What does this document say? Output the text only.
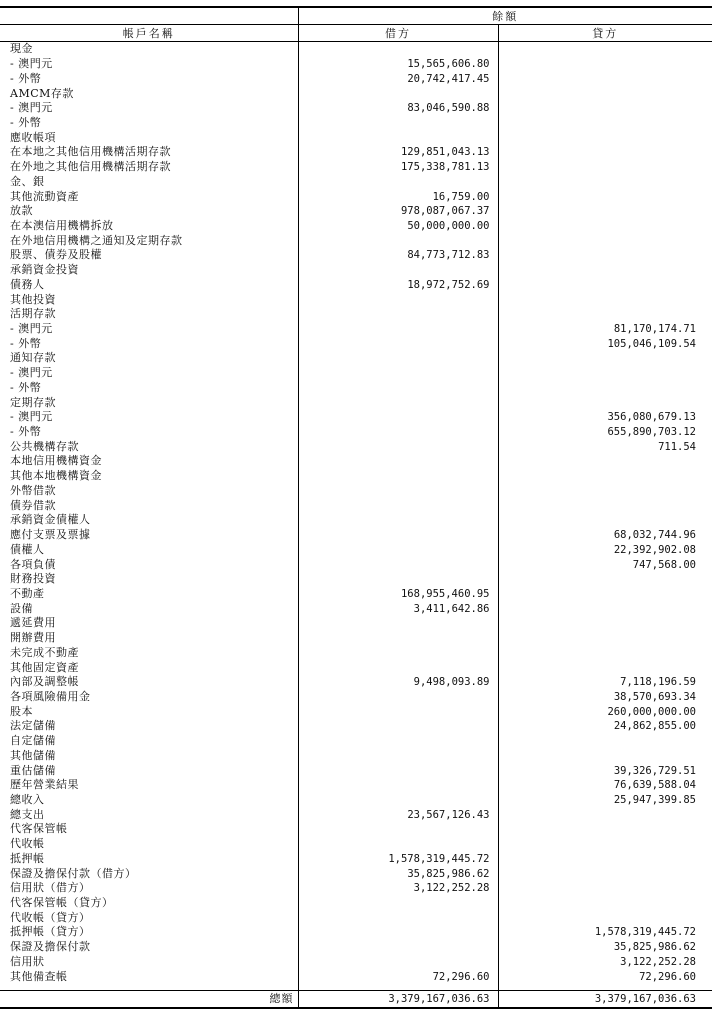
	餘額	
帳戶名稱	借方	貸方
現金		
- 澳門元	15,565,606.80	
- 外幣	20,742,417.45	
AMCM存款		
- 澳門元	83,046,590.88	
- 外幣		
應收帳項		
在本地之其他信用機構活期存款	129,851,043.13	
在外地之其他信用機構活期存款	175,338,781.13	
金、銀		
其他流動資產	16,759.00	
放款	978,087,067.37	
在本澳信用機構拆放	50,000,000.00	
在外地信用機構之通知及定期存款		
股票、債券及股權	84,773,712.83	
承銷資金投資		
債務人	18,972,752.69	
其他投資		
活期存款		
- 澳門元		81,170,174.71
- 外幣		105,046,109.54
通知存款		
- 澳門元		
- 外幣		
定期存款		
- 澳門元		356,080,679.13
- 外幣		655,890,703.12
公共機構存款		711.54
本地信用機構資金		
其他本地機構資金		
外幣借款		
債券借款		
承銷資金債權人		
應付支票及票據		68,032,744.96
債權人		22,392,902.08
各項負債		747,568.00
財務投資		
不動產	168,955,460.95	
設備	3,411,642.86	
遞延費用		
開辦費用		
未完成不動產		
其他固定資產		
內部及調整帳	9,498,093.89	7,118,196.59
各項風險備用金		38,570,693.34
股本		260,000,000.00
法定儲備		24,862,855.00
自定儲備		
其他儲備		
重估儲備		39,326,729.51
歷年營業結果		76,639,588.04
總收入		25,947,399.85
總支出	23,567,126.43	
代客保管帳		
代收帳		
抵押帳	1,578,319,445.72	
保證及擔保付款（借方）	35,825,986.62	
信用狀（借方）	3,122,252.28	
代客保管帳（貸方）		
代收帳（貸方）		
抵押帳（貸方）		1,578,319,445.72
保證及擔保付款		35,825,986.62
信用狀		3,122,252.28
其他備查帳	72,296.60	72,296.60

總額	3,379,167,036.63	3,379,167,036.63
